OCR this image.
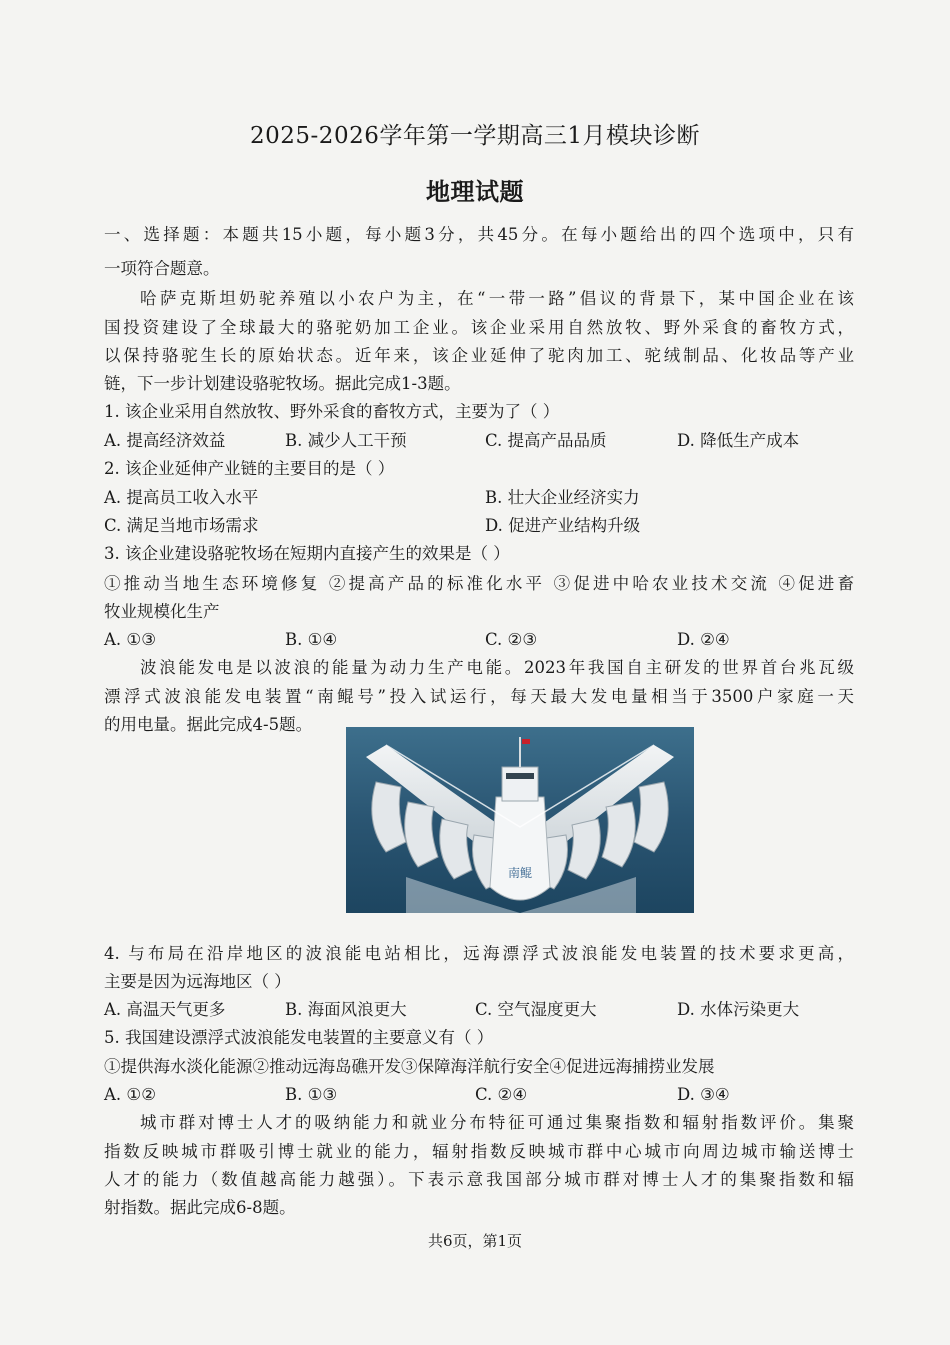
2025-2026学年第一学期高三1月模块诊断
地理试题
一、选择题：本题共15小题，每小题3分，共45分。在每小题给出的四个选项中，只有
一项符合题意。
哈萨克斯坦奶驼养殖以小农户为主，在“一带一路”倡议的背景下，某中国企业在该
国投资建设了全球最大的骆驼奶加工企业。该企业采用自然放牧、野外采食的畜牧方式，
以保持骆驼生长的原始状态。近年来，该企业延伸了驼肉加工、驼绒制品、化妆品等产业
链，下一步计划建设骆驼牧场。据此完成1-3题。
1. 该企业采用自然放牧、野外采食的畜牧方式，主要为了（ ）
A. 提高经济效益	B. 减少人工干预	C. 提高产品品质	D. 降低生产成本
2. 该企业延伸产业链的主要目的是（ ）
A. 提高员工收入水平	B. 壮大企业经济实力
C. 满足当地市场需求	D. 促进产业结构升级
3. 该企业建设骆驼牧场在短期内直接产生的效果是（ ）
①推动当地生态环境修复 ②提高产品的标准化水平 ③促进中哈农业技术交流 ④促进畜
牧业规模化生产
A. ①③	B. ①④	C. ②③	D. ②④
波浪能发电是以波浪的能量为动力生产电能。2023年我国自主研发的世界首台兆瓦级
漂浮式波浪能发电装置“南鲲号”投入试运行，每天最大发电量相当于3500户家庭一天
的用电量。据此完成4-5题。
南鲲
4. 与布局在沿岸地区的波浪能电站相比，远海漂浮式波浪能发电装置的技术要求更高，
主要是因为远海地区（ ）
A. 高温天气更多	B. 海面风浪更大	C. 空气湿度更大	D. 水体污染更大
5. 我国建设漂浮式波浪能发电装置的主要意义有（ ）
①提供海水淡化能源②推动远海岛礁开发③保障海洋航行安全④促进远海捕捞业发展
A. ①②	B. ①③	C. ②④	D. ③④
城市群对博士人才的吸纳能力和就业分布特征可通过集聚指数和辐射指数评价。集聚
指数反映城市群吸引博士就业的能力，辐射指数反映城市群中心城市向周边城市输送博士
人才的能力（数值越高能力越强）。下表示意我国部分城市群对博士人才的集聚指数和辐
射指数。据此完成6-8题。
共6页，第1页
